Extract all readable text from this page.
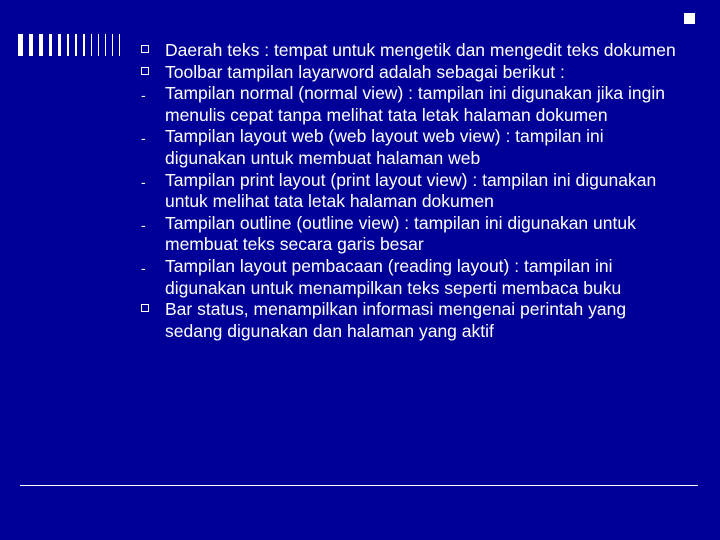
Daerah teks : tempat untuk mengetik dan mengedit teks dokumen
Toolbar tampilan layarword adalah sebagai berikut :
- Tampilan normal (normal view) : tampilan ini digunakan jika ingin menulis cepat tanpa melihat tata letak halaman dokumen
- Tampilan layout web (web layout web view) : tampilan ini digunakan untuk membuat halaman web
- Tampilan print layout (print layout view) : tampilan ini digunakan untuk melihat tata letak halaman dokumen
- Tampilan outline (outline view) : tampilan ini digunakan untuk membuat teks secara garis besar
- Tampilan layout pembacaan (reading layout) : tampilan ini digunakan untuk menampilkan teks seperti membaca buku
Bar status, menampilkan informasi mengenai perintah yang sedang digunakan dan halaman yang aktif
